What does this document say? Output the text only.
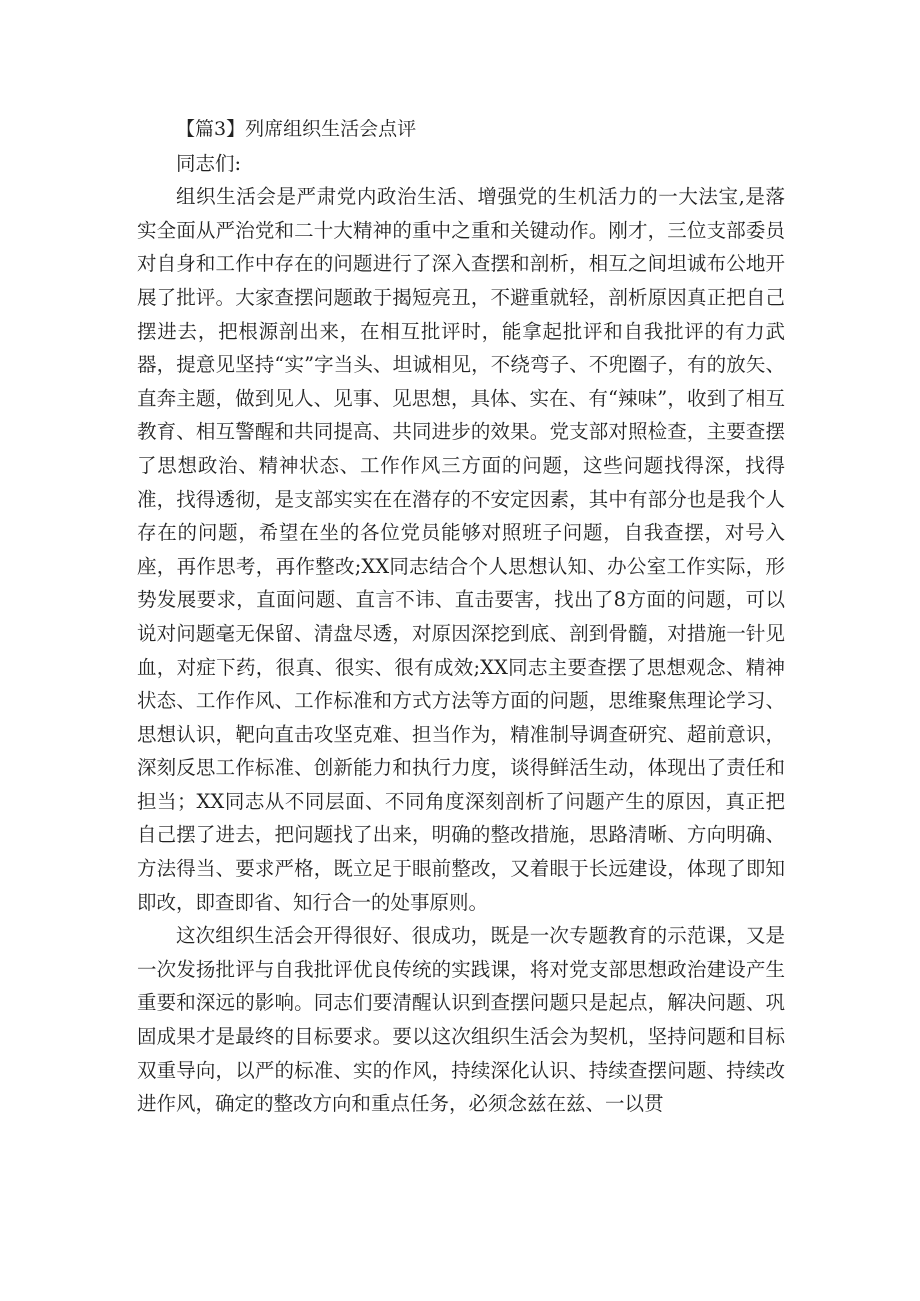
【篇3】列席组织生活会点评

同志们:

组织生活会是严肃党内政治生活、增强党的生机活力的一大法宝,是落实全面从严治党和二十大精神的重中之重和关键动作。刚才，三位支部委员对自身和工作中存在的问题进行了深入查摆和剖析，相互之间坦诚布公地开展了批评。大家查摆问题敢于揭短亮丑，不避重就轻，剖析原因真正把自己摆进去，把根源剖出来，在相互批评时，能拿起批评和自我批评的有力武器，提意见坚持“实”字当头、坦诚相见，不绕弯子、不兜圈子，有的放矢、直奔主题，做到见人、见事、见思想，具体、实在、有“辣味”，收到了相互教育、相互警醒和共同提高、共同进步的效果。党支部对照检查，主要查摆了思想政治、精神状态、工作作风三方面的问题，这些问题找得深，找得准，找得透彻，是支部实实在在潜存的不安定因素，其中有部分也是我个人存在的问题，希望在坐的各位党员能够对照班子问题，自我查摆，对号入座，再作思考，再作整改;XX同志结合个人思想认知、办公室工作实际，形势发展要求，直面问题、直言不讳、直击要害，找出了8方面的问题，可以说对问题毫无保留、清盘尽透，对原因深挖到底、剖到骨髓，对措施一针见血，对症下药，很真、很实、很有成效;XX同志主要查摆了思想观念、精神状态、工作作风、工作标准和方式方法等方面的问题，思维聚焦理论学习、思想认识，靶向直击攻坚克难、担当作为，精准制导调查研究、超前意识，深刻反思工作标准、创新能力和执行力度，谈得鲜活生动，体现出了责任和担当；XX同志从不同层面、不同角度深刻剖析了问题产生的原因，真正把自己摆了进去，把问题找了出来，明确的整改措施，思路清晰、方向明确、方法得当、要求严格，既立足于眼前整改，又着眼于长远建设，体现了即知即改，即查即省、知行合一的处事原则。

这次组织生活会开得很好、很成功，既是一次专题教育的示范课，又是一次发扬批评与自我批评优良传统的实践课，将对党支部思想政治建设产生重要和深远的影响。同志们要清醒认识到查摆问题只是起点，解决问题、巩固成果才是最终的目标要求。要以这次组织生活会为契机，坚持问题和目标双重导向，以严的标准、实的作风，持续深化认识、持续查摆问题、持续改进作风，确定的整改方向和重点任务，必须念兹在兹、一以贯
